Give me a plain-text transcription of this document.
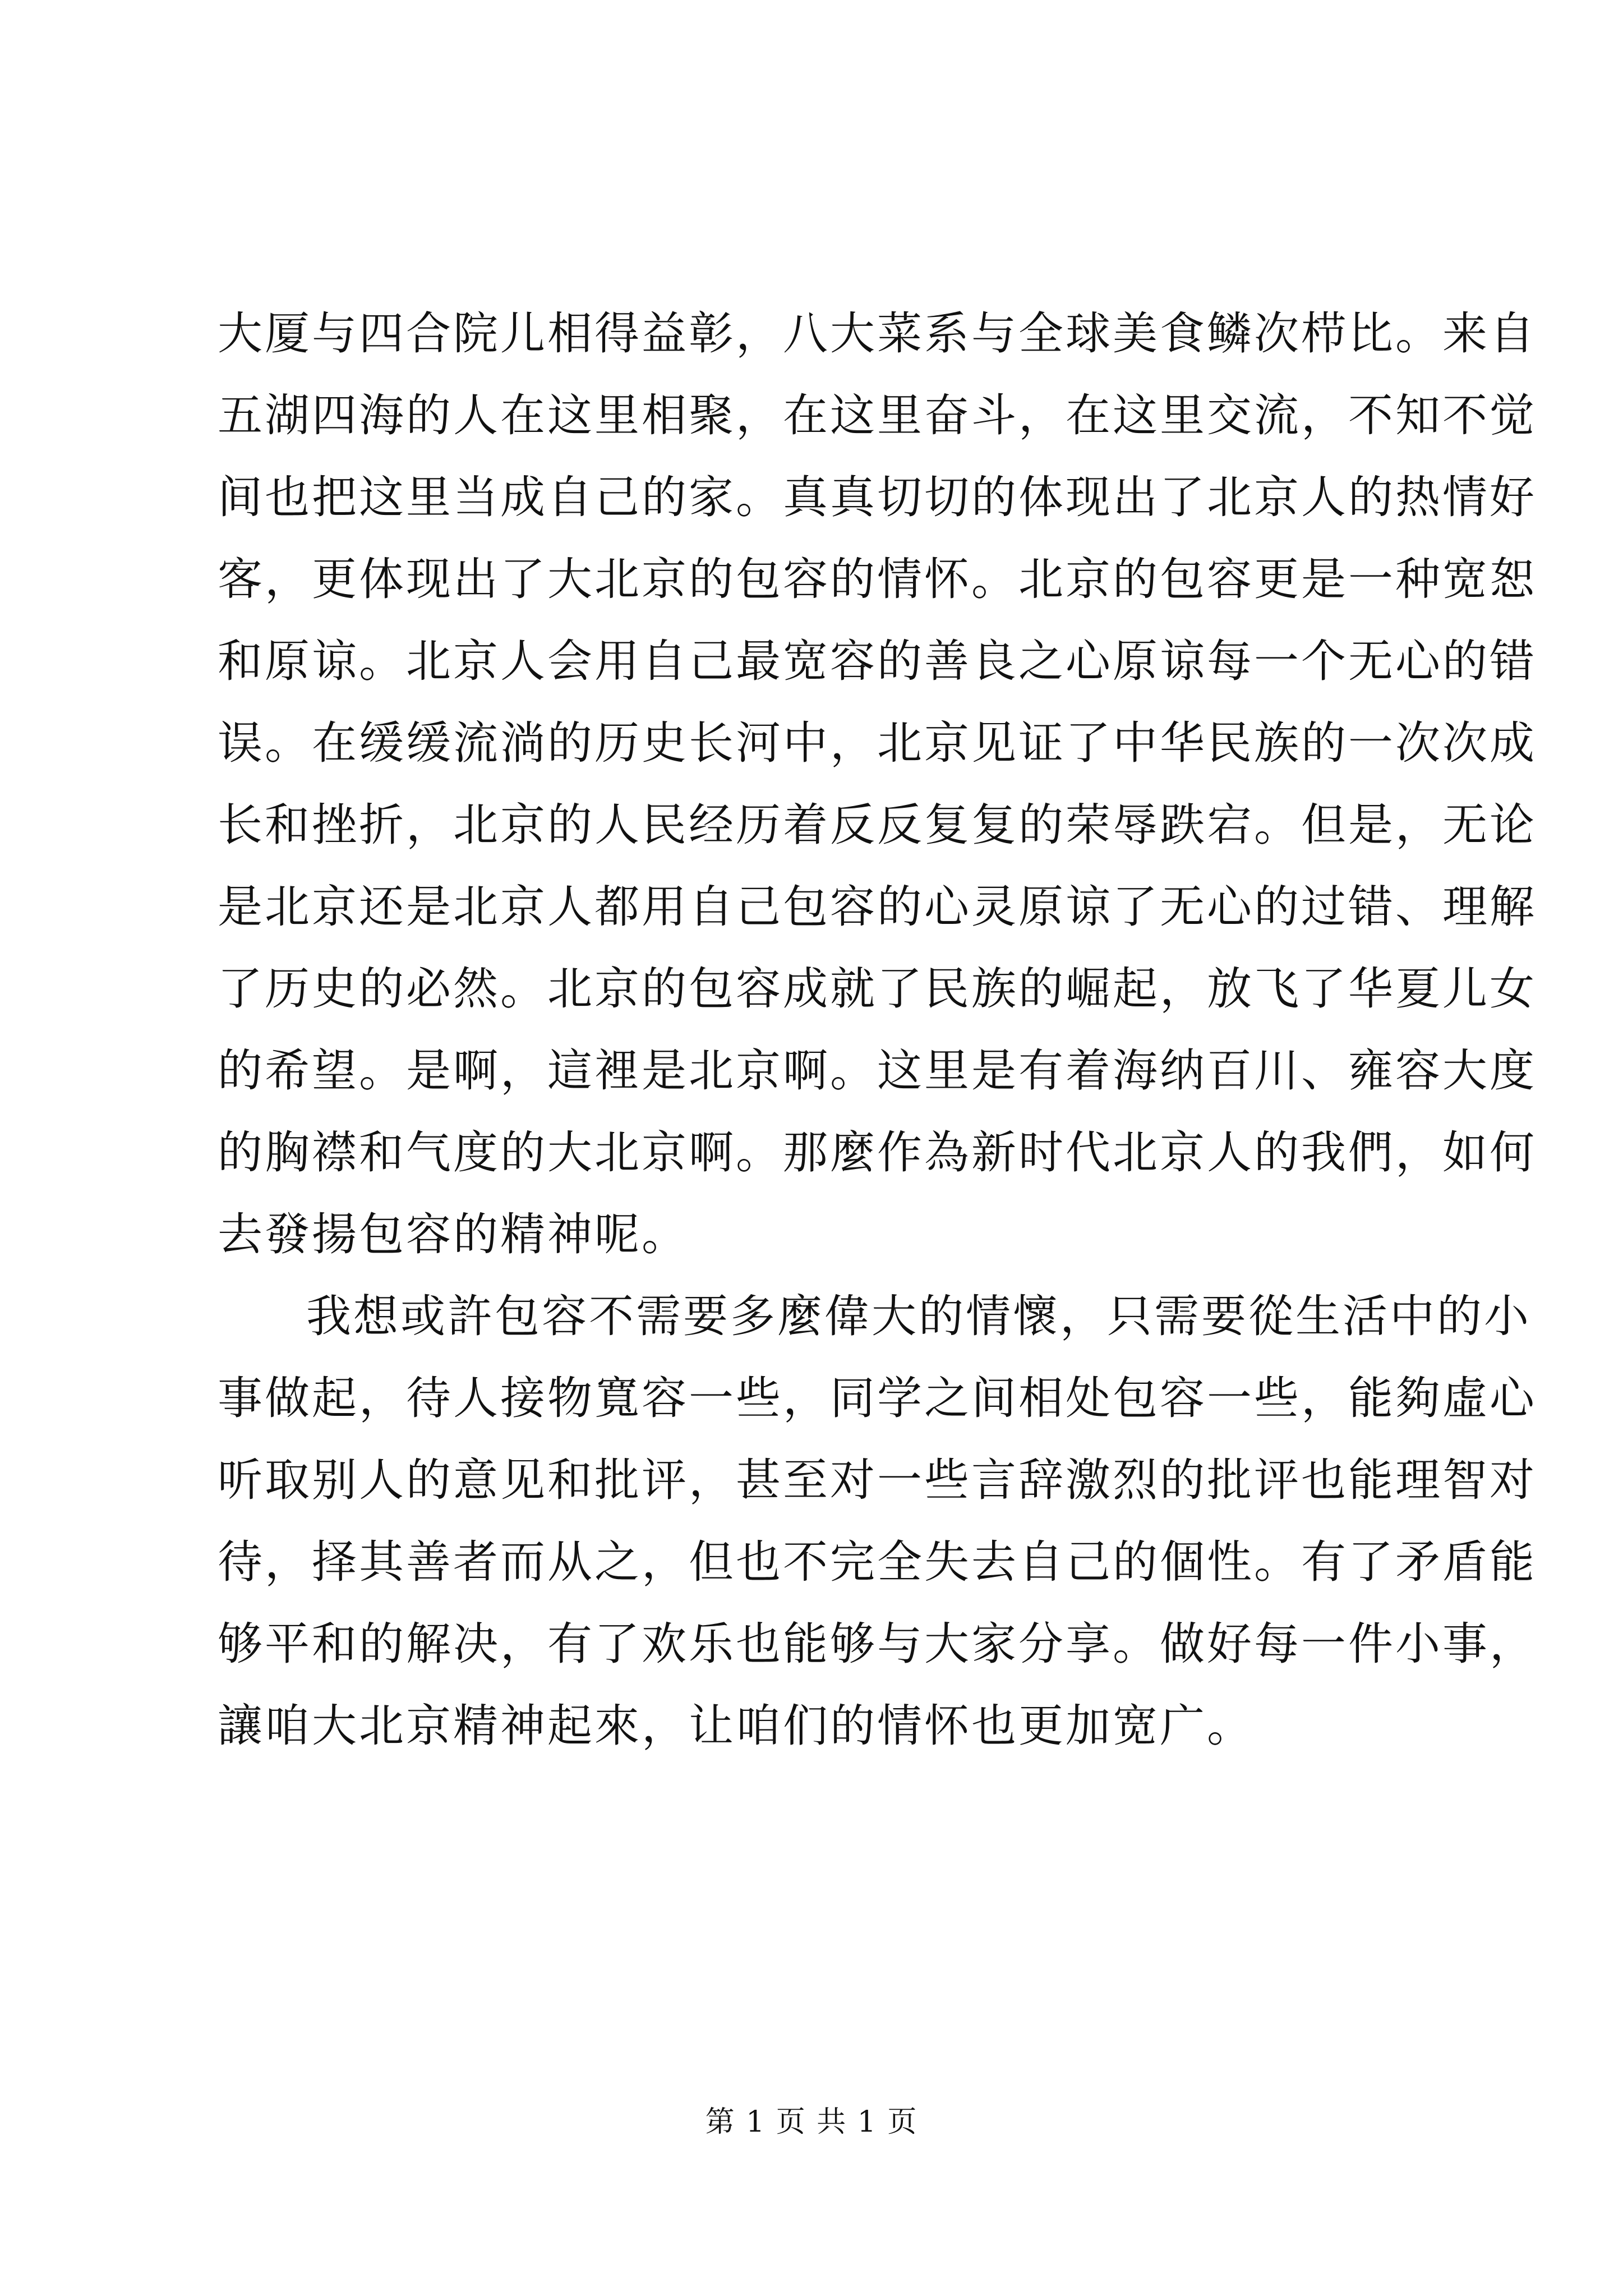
大厦与四合院儿相得益彰，八大菜系与全球美食鳞次栉比。来自
五湖四海的人在这里相聚，在这里奋斗，在这里交流，不知不觉
间也把这里当成自己的家。真真切切的体现出了北京人的热情好
客，更体现出了大北京的包容的情怀。北京的包容更是一种宽恕
和原谅。北京人会用自己最宽容的善良之心原谅每一个无心的错
误。在缓缓流淌的历史长河中，北京见证了中华民族的一次次成
长和挫折，北京的人民经历着反反复复的荣辱跌宕。但是，无论
是北京还是北京人都用自己包容的心灵原谅了无心的过错、理解
了历史的必然。北京的包容成就了民族的崛起，放飞了华夏儿女
的希望。是啊，這裡是北京啊。这里是有着海纳百川、雍容大度
的胸襟和气度的大北京啊。那麼作為新时代北京人的我們，如何
去發揚包容的精神呢。
我想或許包容不需要多麼偉大的情懷，只需要從生活中的小
事做起，待人接物寬容一些，同学之间相处包容一些，能夠虛心
听取别人的意见和批评，甚至对一些言辞激烈的批评也能理智对
待，择其善者而从之，但也不完全失去自己的個性。有了矛盾能
够平和的解决，有了欢乐也能够与大家分享。做好每一件小事，
讓咱大北京精神起來，让咱们的情怀也更加宽广。
第 1 页 共 1 页
